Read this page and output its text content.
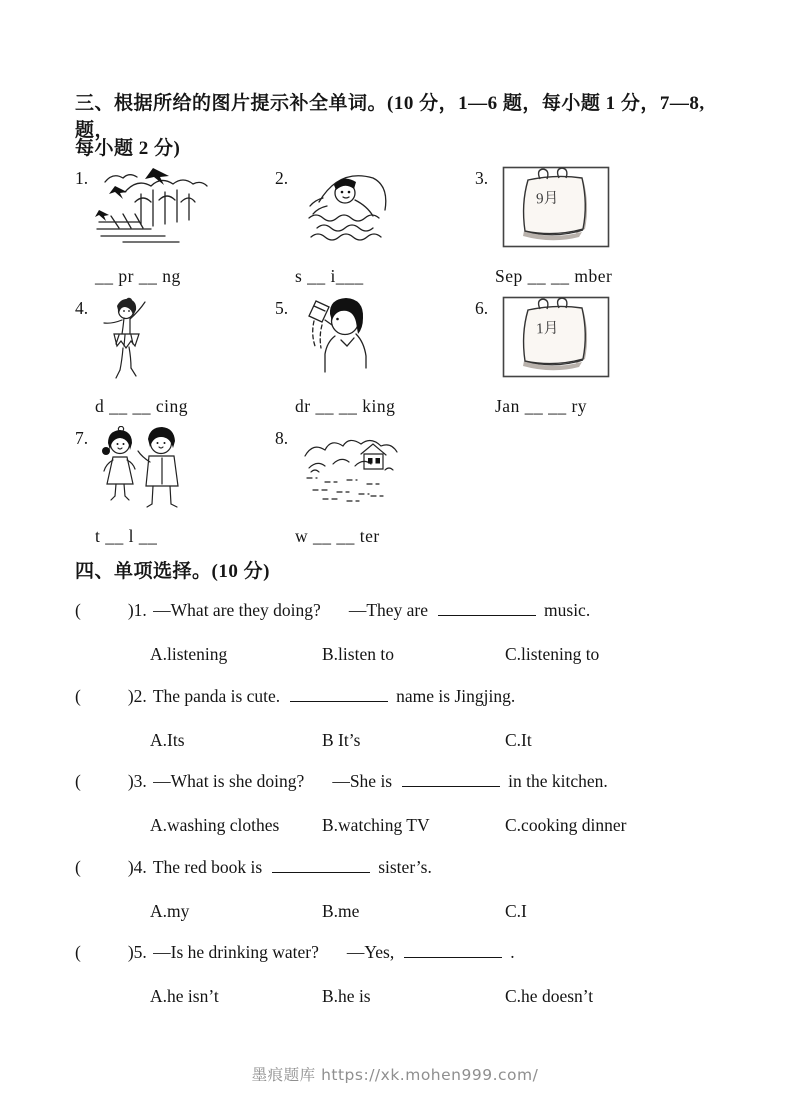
三、根据所给的图片提示补全单词。(10 分，1—6 题，每小题 1 分，7—8,题，
每小题 2 分)
1.
__ pr __ ng
2.
s __ i___
3.
9月
Sep __ __ mber
4.
d __ __ cing
5.
dr __ __ king
6.
1月
Jan __ __ ry
7.
t __ l __
8.
w __ __ ter
四、单项选择。(10 分)
(	)1. —What are they doing? —They are	music.
A.listening	B.listen to	C.listening to
(	)2. The panda is cute.	name is Jingjing.
A.Its	B It’s	C.It
(	)3. —What is she doing? —She is	in the kitchen.
A.washing clothes B.watching TV	C.cooking dinner
(	)4. The red book is	sister’s.
A.my	B.me	C.I
(	)5. —Is he drinking water? —Yes,	.
A.he isn’t	B.he is	C.he doesn’t
墨痕题库 https://xk.mohen999.com/
